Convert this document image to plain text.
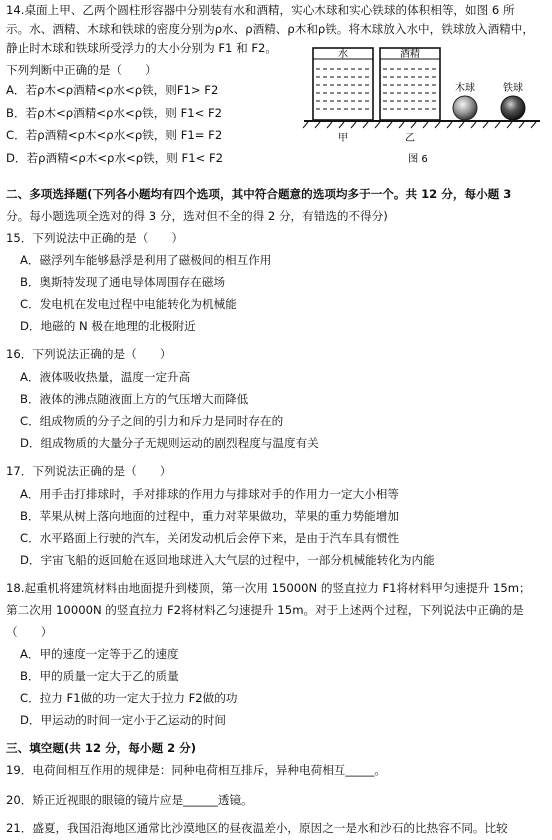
14.桌面上甲、乙两个圆柱形容器中分别装有水和酒精，实心木球和实心铁球的体积相等，如图 6 所
示。水、酒精、木球和铁球的密度分别为ρ水、ρ酒精、ρ木和ρ铁。将木球放入水中，铁球放入酒精中，
静止时木球和铁球所受浮力的大小分别为 F1 和 F2。
下列判断中正确的是（　　）
A．若ρ木<ρ酒精<ρ水<ρ铁，则F1> F2
B．若ρ木<ρ酒精<ρ水<ρ铁，则 F1< F2
C．若ρ酒精<ρ木<ρ水<ρ铁，则 F1= F2
D．若ρ酒精<ρ木<ρ水<ρ铁，则 F1< F2
水	酒精
木球	铁球
甲	乙
图 6
二、多项选择题(下列各小题均有四个选项，其中符合题意的选项均多于一个。共 12 分，每小题 3
分。每小题选项全选对的得 3 分，选对但不全的得 2 分，有错选的不得分)
15．下列说法中正确的是（　　）
A．磁浮列车能够悬浮是利用了磁极间的相互作用
B．奥斯特发现了通电导体周围存在磁场
C．发电机在发电过程中电能转化为机械能
D．地磁的 N 极在地理的北极附近
16．下列说法正确的是（　　）
A．液体吸收热量，温度一定升高
B．液体的沸点随液面上方的气压增大而降低
C．组成物质的分子之间的引力和斥力是同时存在的
D．组成物质的大量分子无规则运动的剧烈程度与温度有关
17．下列说法正确的是（　　）
A．用手击打排球时，手对排球的作用力与排球对手的作用力一定大小相等
B．苹果从树上落向地面的过程中，重力对苹果做功，苹果的重力势能增加
C．水平路面上行驶的汽车，关闭发动机后会停下来，是由于汽车具有惯性
D．宇宙飞船的返回舱在返回地球进入大气层的过程中，一部分机械能转化为内能
18.起重机将建筑材料由地面提升到楼顶，第一次用 15000N 的竖直拉力 F1将材料甲匀速提升 15m；
第二次用 10000N 的竖直拉力 F2将材料乙匀速提升 15m。对于上述两个过程，下列说法中正确的是
（　　）
A．甲的速度一定等于乙的速度
B．甲的质量一定大于乙的质量
C．拉力 F1做的功一定大于拉力 F2做的功
D．甲运动的时间一定小于乙运动的时间
三、填空题(共 12 分，每小题 2 分)
19．电荷间相互作用的规律是：同种电荷相互排斥，异种电荷相互_____。
20．矫正近视眼的眼镜的镜片应是______透镜。
21．盛夏，我国沿海地区通常比沙漠地区的昼夜温差小，原因之一是水和沙石的比热容不同。比较
